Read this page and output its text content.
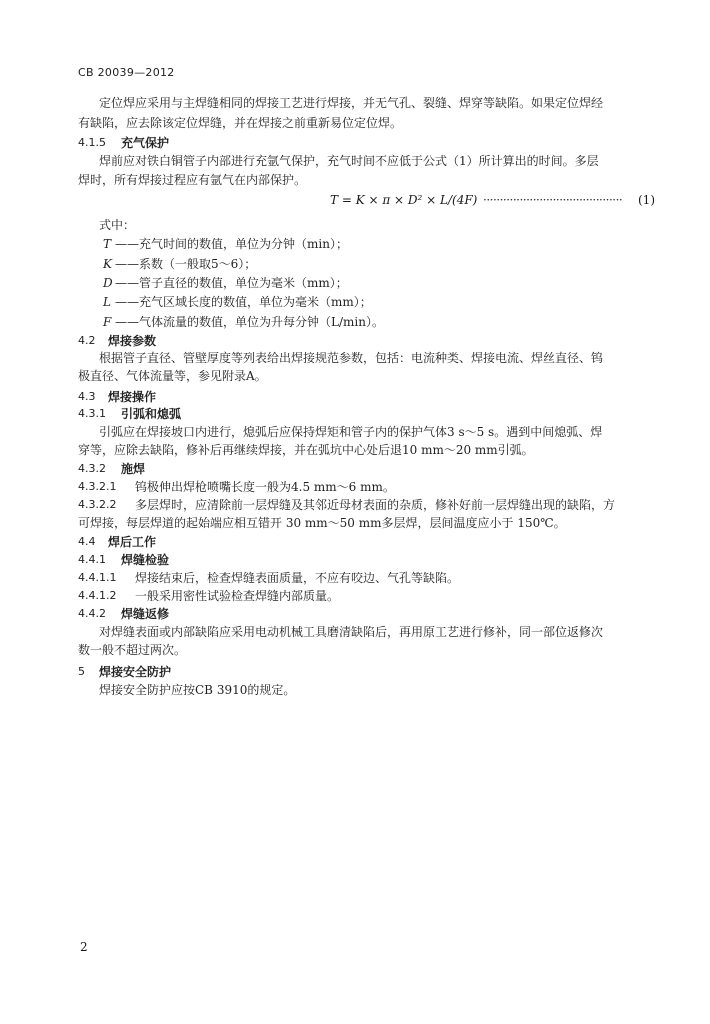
CB 20039—2012
定位焊应采用与主焊缝相同的焊接工艺进行焊接，并无气孔、裂缝、焊穿等缺陷。如果定位焊经
有缺陷，应去除该定位焊缝，并在焊接之前重新易位定位焊。
4.1.5 充气保护
焊前应对铁白铜管子内部进行充氩气保护，充气时间不应低于公式（1）所计算出的时间。多层
焊时，所有焊接过程应有氩气在内部保护。
T = K × π × D² × L/(4F) ·········································· (1)
式中：
T ——充气时间的数值，单位为分钟（min）；
K ——系数（一般取5～6）；
D ——管子直径的数值，单位为毫米（mm）；
L ——充气区域长度的数值，单位为毫米（mm）；
F ——气体流量的数值，单位为升每分钟（L/min）。
4.2 焊接参数
根据管子直径、管壁厚度等列表给出焊接规范参数，包括：电流种类、焊接电流、焊丝直径、钨
极直径、气体流量等，参见附录A。
4.3 焊接操作
4.3.1 引弧和熄弧
引弧应在焊接坡口内进行，熄弧后应保持焊矩和管子内的保护气体3 s～5 s。遇到中间熄弧、焊
穿等，应除去缺陷，修补后再继续焊接，并在弧坑中心处后退10 mm～20 mm引弧。
4.3.2 施焊
4.3.2.1 钨极伸出焊枪喷嘴长度一般为4.5 mm～6 mm。
4.3.2.2 多层焊时，应清除前一层焊缝及其邻近母材表面的杂质，修补好前一层焊缝出现的缺陷，方
可焊接，每层焊道的起始端应相互错开 30 mm～50 mm多层焊，层间温度应小于 150℃。
4.4 焊后工作
4.4.1 焊缝检验
4.4.1.1 焊接结束后，检查焊缝表面质量，不应有咬边、气孔等缺陷。
4.4.1.2 一般采用密性试验检查焊缝内部质量。
4.4.2 焊缝返修
对焊缝表面或内部缺陷应采用电动机械工具磨清缺陷后，再用原工艺进行修补，同一部位返修次
数一般不超过两次。
5 焊接安全防护
焊接安全防护应按CB 3910的规定。
2
